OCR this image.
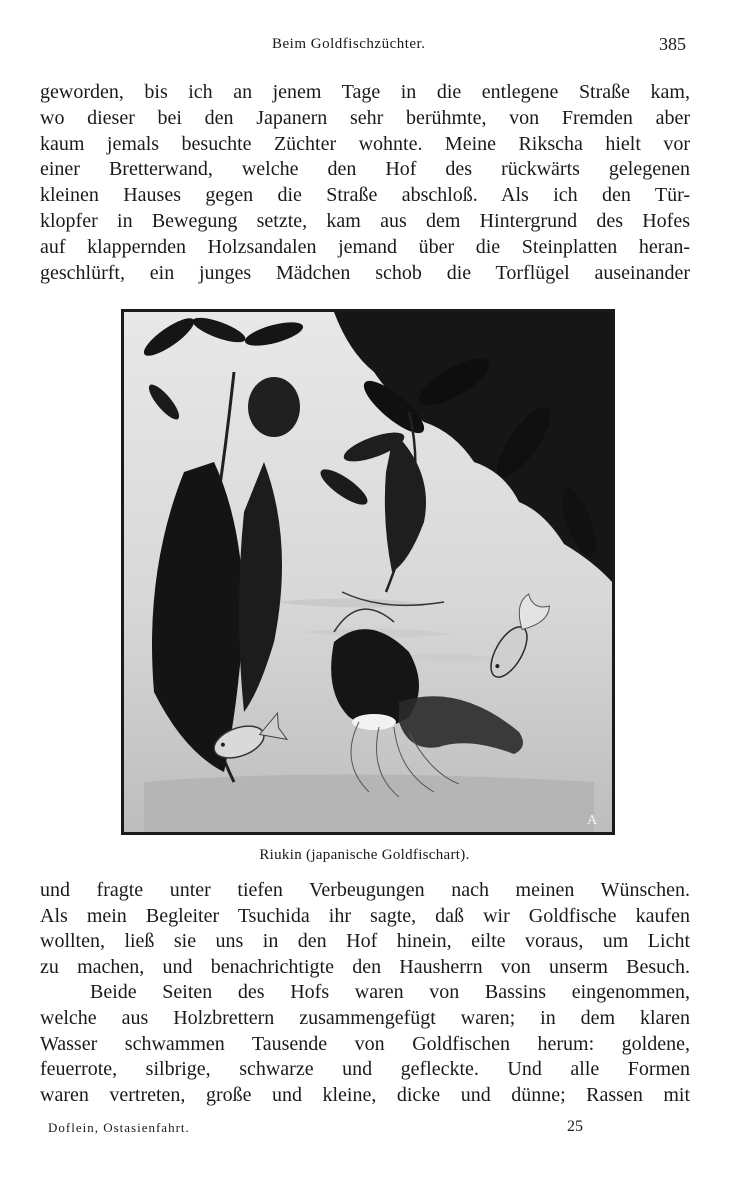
Beim Goldfischzüchter.	385
geworden, bis ich an jenem Tage in die entlegene Straße kam,
wo dieser bei den Japanern sehr berühmte, von Fremden aber
kaum jemals besuchte Züchter wohnte. Meine Rikscha hielt vor
einer Bretterwand, welche den Hof des rückwärts gelegenen
kleinen Hauses gegen die Straße abschloß. Als ich den Tür-
klopfer in Bewegung setzte, kam aus dem Hintergrund des Hofes
auf klappernden Holzsandalen jemand über die Steinplatten heran-
geschlürft, ein junges Mädchen schob die Torflügel auseinander
A
Riukin (japanische Goldfischart).
und fragte unter tiefen Verbeugungen nach meinen Wünschen.
Als mein Begleiter Tsuchida ihr sagte, daß wir Goldfische kaufen
wollten, ließ sie uns in den Hof hinein, eilte voraus, um Licht
zu machen, und benachrichtigte den Hausherrn von unserm Besuch.
Beide Seiten des Hofs waren von Bassins eingenommen,
welche aus Holzbrettern zusammengefügt waren; in dem klaren
Wasser schwammen Tausende von Goldfischen herum: goldene,
feuerrote, silbrige, schwarze und gefleckte. Und alle Formen
waren vertreten, große und kleine, dicke und dünne; Rassen mit
Doflein, Ostasienfahrt.	25
